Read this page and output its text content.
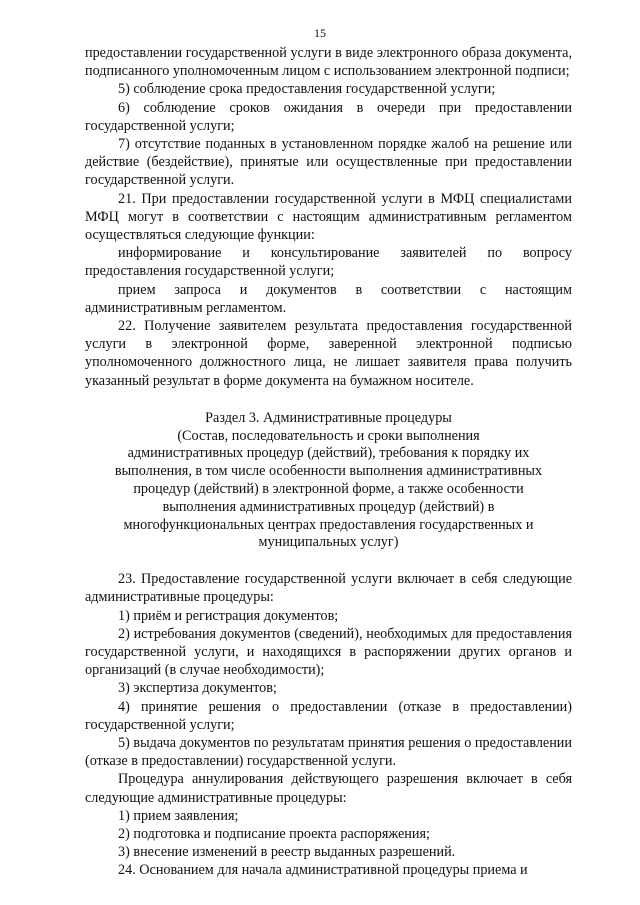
15

предоставлении государственной услуги в виде электронного образа документа, подписанного уполномоченным лицом с использованием электронной подписи;

5) соблюдение срока предоставления государственной услуги;

6) соблюдение сроков ожидания в очереди при предоставлении государственной услуги;

7) отсутствие поданных в установленном порядке жалоб на решение или действие (бездействие), принятые или осуществленные при предоставлении государственной услуги.

21. При предоставлении государственной услуги в МФЦ специалистами МФЦ могут в соответствии с настоящим административным регламентом осуществляться следующие функции:

информирование и консультирование заявителей по вопросу предоставления государственной услуги;

прием запроса и документов в соответствии с настоящим административным регламентом.

22. Получение заявителем результата предоставления государственной услуги в электронной форме, заверенной электронной подписью уполномоченного должностного лица, не лишает заявителя права получить указанный результат в форме документа на бумажном носителе.

Раздел 3. Административные процедуры
(Состав, последовательность и сроки выполнения
административных процедур (действий), требования к порядку их
выполнения, в том числе особенности выполнения административных
процедур (действий) в электронной форме, а также особенности
выполнения административных процедур (действий) в
многофункциональных центрах предоставления государственных и
муниципальных услуг)

23. Предоставление государственной услуги включает в себя следующие административные процедуры:

1) приём и регистрация документов;

2) истребования документов (сведений), необходимых для предоставления государственной услуги, и находящихся в распоряжении других органов и организаций (в случае необходимости);

3) экспертиза документов;

4) принятие решения о предоставлении (отказе в предоставлении) государственной услуги;

5) выдача документов по результатам принятия решения о предоставлении (отказе в предоставлении) государственной услуги.

Процедура аннулирования действующего разрешения включает в себя следующие административные процедуры:

1) прием заявления;

2) подготовка и подписание проекта распоряжения;

3) внесение изменений в реестр выданных разрешений.

24. Основанием для начала административной процедуры приема и
